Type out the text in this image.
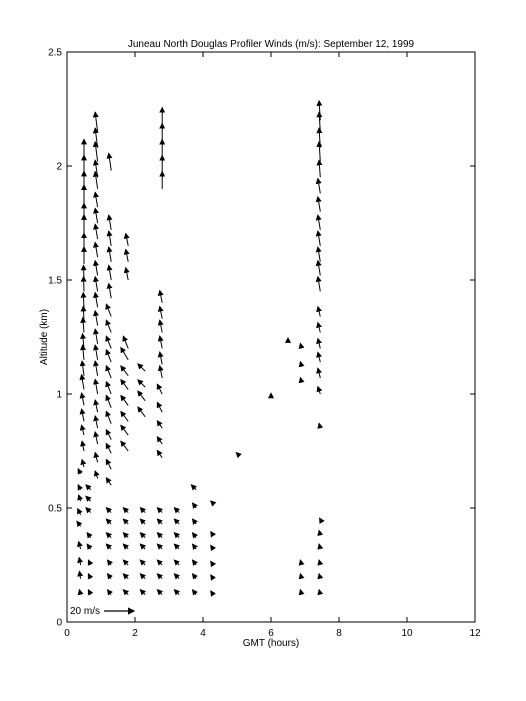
Juneau North Douglas Profiler Winds (m/s): September 12, 1999
0	2	4	6	8	10	12
0
0.5
1
1.5
2
2.5
GMT (hours)
Altitude (km)
20 m/s
